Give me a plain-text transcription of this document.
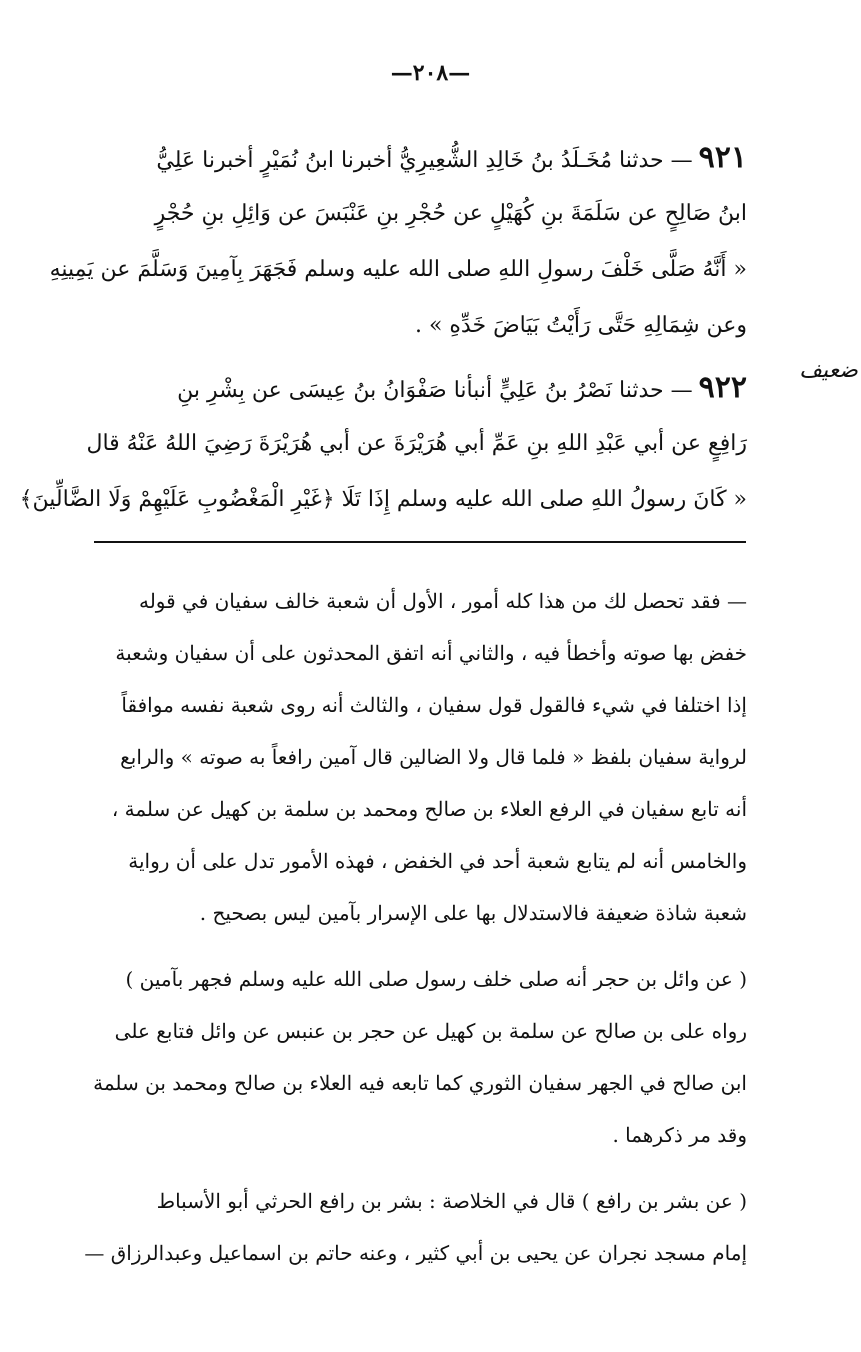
—٢٠٨—
٩٢١— حدثنا مُخَـلَدُ بنُ خَالِدِ الشُّعِيرِيُّ أخبرنا ابنُ نُمَيْرٍ أخبرنا عَلِيُّ
ابنُ صَالِحٍ عن سَلَمَةَ بنِ كُهَيْلٍ عن حُجْرِ بنِ عَنْبَسَ عن وَائِلِ بنِ حُجْرٍ
« أَنَّهُ صَلَّى خَلْفَ رسولِ اللهِ صلى الله عليه وسلم فَجَهَرَ بِآمِينَ وَسَلَّمَ عن يَمِينِهِ
وعن شِمَالِهِ حَتَّى رَأَيْتُ بَيَاضَ خَدِّهِ » .
٩٢٢— حدثنا نَصْرُ بنُ عَلِيٍّ أنبأنا صَفْوَانُ بنُ عِيسَى عن بِشْرِ بنِ
رَافِعٍ عن أبي عَبْدِ اللهِ بنِ عَمِّ أبي هُرَيْرَةَ عن أبي هُرَيْرَةَ رَضِيَ اللهُ عَنْهُ قال
« كَانَ رسولُ اللهِ صلى الله عليه وسلم إِذَا تَلَا ﴿غَيْرِ الْمَغْضُوبِ عَلَيْهِمْ وَلَا الضَّالِّينَ﴾
ضعيف
— فقد تحصل لك من هذا كله أمور ، الأول أن شعبة خالف سفيان في قوله
خفض بها صوته وأخطأ فيه ، والثاني أنه اتفق المحدثون على أن سفيان وشعبة
إذا اختلفا في شيء فالقول قول سفيان ، والثالث أنه روى شعبة نفسه موافقاً
لرواية سفيان بلفظ « فلما قال ولا الضالين قال آمين رافعاً به صوته » والرابع
أنه تابع سفيان في الرفع العلاء بن صالح ومحمد بن سلمة بن كهيل عن سلمة ،
والخامس أنه لم يتابع شعبة أحد في الخفض ، فهذه الأمور تدل على أن رواية
شعبة شاذة ضعيفة فالاستدلال بها على الإسرار بآمين ليس بصحيح .
( عن وائل بن حجر أنه صلى خلف رسول صلى الله عليه وسلم فجهر بآمين )
رواه على بن صالح عن سلمة بن كهيل عن حجر بن عنبس عن وائل فتابع على
ابن صالح في الجهر سفيان الثوري كما تابعه فيه العلاء بن صالح ومحمد بن سلمة
وقد مر ذكرهما .
( عن بشر بن رافع ) قال في الخلاصة : بشر بن رافع الحرثي أبو الأسباط
إمام مسجد نجران عن يحيى بن أبي كثير ، وعنه حاتم بن اسماعيل وعبدالرزاق —
